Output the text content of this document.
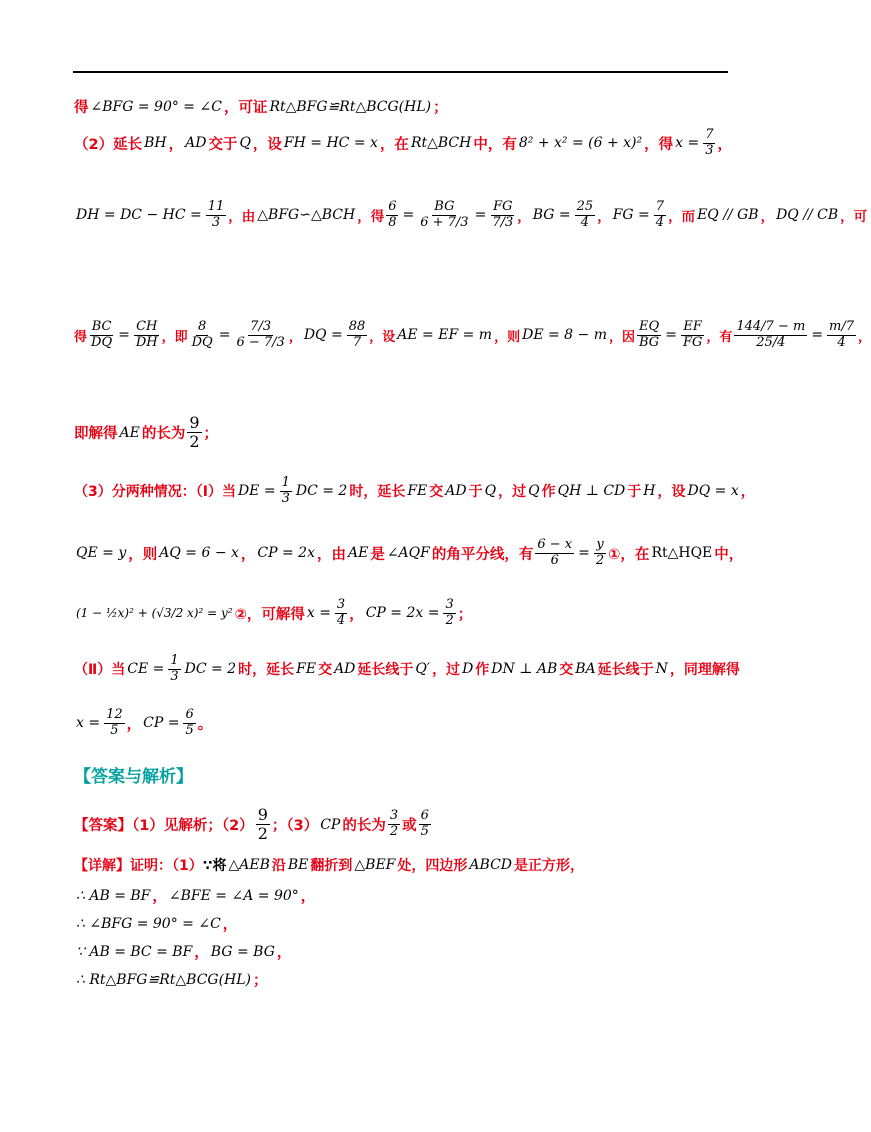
得 ∠BFG = 90° = ∠C ，可证 Rt△BFG≌Rt△BCG(HL) ；
（2）延长 BH ， AD 交于 Q ，设 FH = HC = x ，在 Rt△BCH 中，有 8² + x² = (6 + x)² ，得 $x = \frac{7}{3}$ ，
DH = DC − HC = $\frac{11}{3}$ ，由 △BFG∽△BCH ，得 $\frac{6}{8} = \frac{BG}{6 + 7/3} = \frac{FG}{7/3}$ ， BG = $\frac{25}{4}$ ， FG = $\frac{7}{4}$ ，而 EQ // GB ， DQ // CB ，可
得 $\frac{BC}{DQ} = \frac{CH}{DH}$ ，即 $\frac{8}{DQ} = \frac{7/3}{6 - 7/3}$ ， DQ = $\frac{88}{7}$ ，设 AE = EF = m ，则 DE = 8 − m ，因 $\frac{EQ}{BG} = \frac{EF}{FG}$ ，有 $\frac{144/7 - m}{25/4} = \frac{m/7}{4}$ ，
即解得 AE 的长为 $\frac{9}{2}$ ；
（3）分两种情况：（Ⅰ）当 DE = $\frac{1}{3}$ DC = 2 时，延长 FE 交 AD 于 Q ，过 Q 作 QH ⊥ CD 于 H ，设 DQ = x ，
QE = y ，则 AQ = 6 − x ， CP = 2x ，由 AE 是 ∠AQF 的角平分线，有 $\frac{6 - x}{6} = \frac{y}{2}$ ①，在 Rt△HQE 中，
(1 − ½x)² + (√3/2 x)² = y² ②，可解得 $x = \frac{3}{4}$ ， CP = $2x = \frac{3}{2}$ ；
（Ⅱ）当 CE = $\frac{1}{3}$ DC = 2 时，延长 FE 交 AD 延长线于 Q′ ，过 D 作 DN ⊥ AB 交 BA 延长线于 N ，同理解得
$x = \frac{12}{5}$ ， CP = $\frac{6}{5}$ 。
【答案与解析】
【答案】（1）见解析；$(2) \frac{9}{2}$ ；（3） CP 的长为 $\frac{3}{2}$ 或 $\frac{6}{5}$
【详解】证明：（1） ∵将 △AEB 沿 BE 翻折到 △BEF 处，四边形 ABCD 是正方形，
∴ AB = BF ， ∠BFE = ∠A = 90° ，
∴ ∠BFG = 90° = ∠C ，
∵ AB = BC = BF ， BG = BG ，
∴ Rt△BFG≌Rt△BCG(HL) ；
